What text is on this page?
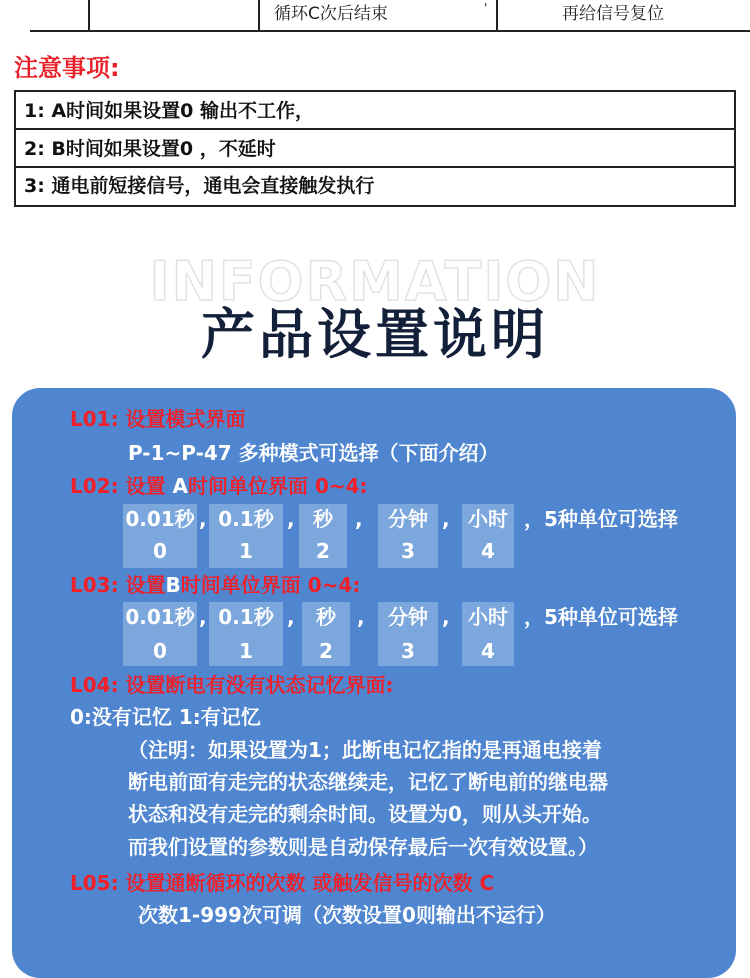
循环C次后结束	'	再给信号复位
注意事项:
1: A时间如果设置0 输出不工作，
2: B时间如果设置0 ，不延时
3: 通电前短接信号，通电会直接触发执行
INFORMATION
产品设置说明
L01: 设置模式界面
P-1~P-47 多种模式可选择（下面介绍）
L02: 设置 A时间单位界面 0~4:
0.01秒	0.1秒	秒	分钟	小时
,	,	,	,	，5种单位可选择
0	1	2	3	4
L03: 设置B时间单位界面 0~4:
0.01秒	0.1秒	秒	分钟	小时
,	,	,	,	，5种单位可选择
0	1	2	3	4
L04: 设置断电有没有状态记忆界面:
0:没有记忆 1:有记忆
（注明：如果设置为1；此断电记忆指的是再通电接着
断电前面有走完的状态继续走，记忆了断电前的继电器
状态和没有走完的剩余时间。设置为0，则从头开始。
而我们设置的参数则是自动保存最后一次有效设置。）
L05: 设置通断循环的次数 或触发信号的次数 C
次数1-999次可调（次数设置0则输出不运行）
